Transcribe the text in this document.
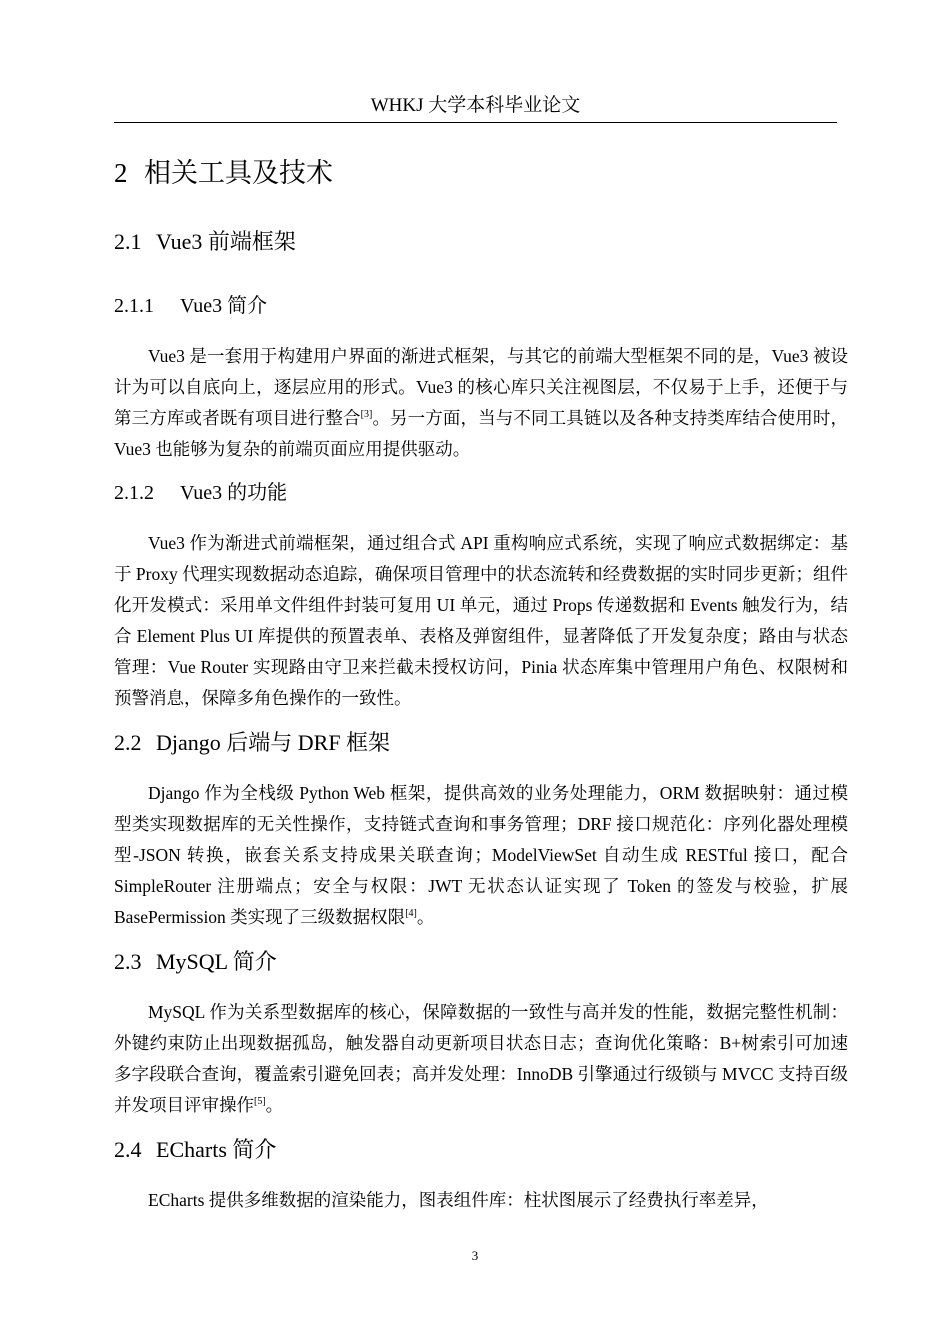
WHKJ 大学本科毕业论文
2 相关工具及技术
2.1 Vue3 前端框架
2.1.1 Vue3 简介

Vue3 是一套用于构建用户界面的渐进式框架，与其它的前端大型框架不同的是，Vue3 被设计为可以自底向上，逐层应用的形式。Vue3 的核心库只关注视图层，不仅易于上手，还便于与第三方库或者既有项目进行整合[3]。另一方面，当与不同工具链以及各种支持类库结合使用时，Vue3 也能够为复杂的前端页面应用提供驱动。

2.1.2 Vue3 的功能

Vue3 作为渐进式前端框架，通过组合式 API 重构响应式系统，实现了响应式数据绑定：基于 Proxy 代理实现数据动态追踪，确保项目管理中的状态流转和经费数据的实时同步更新；组件化开发模式：采用单文件组件封装可复用 UI 单元，通过 Props 传递数据和 Events 触发行为，结合 Element Plus UI 库提供的预置表单、表格及弹窗组件，显著降低了开发复杂度；路由与状态管理：Vue Router 实现路由守卫来拦截未授权访问，Pinia 状态库集中管理用户角色、权限树和预警消息，保障多角色操作的一致性。

2.2 Django 后端与 DRF 框架

Django 作为全栈级 Python Web 框架，提供高效的业务处理能力，ORM 数据映射：通过模型类实现数据库的无关性操作，支持链式查询和事务管理；DRF 接口规范化：序列化器处理模型-JSON 转换，嵌套关系支持成果关联查询；ModelViewSet 自动生成 RESTful 接口，配合 SimpleRouter 注册端点；安全与权限：JWT 无状态认证实现了 Token 的签发与校验，扩展 BasePermission 类实现了三级数据权限[4]。

2.3 MySQL 简介

MySQL 作为关系型数据库的核心，保障数据的一致性与高并发的性能，数据完整性机制：外键约束防止出现数据孤岛，触发器自动更新项目状态日志；查询优化策略：B+树索引可加速多字段联合查询，覆盖索引避免回表；高并发处理：InnoDB 引擎通过行级锁与 MVCC 支持百级并发项目评审操作[5]。

2.4 ECharts 简介

ECharts 提供多维数据的渲染能力，图表组件库：柱状图展示了经费执行率差异，

3
